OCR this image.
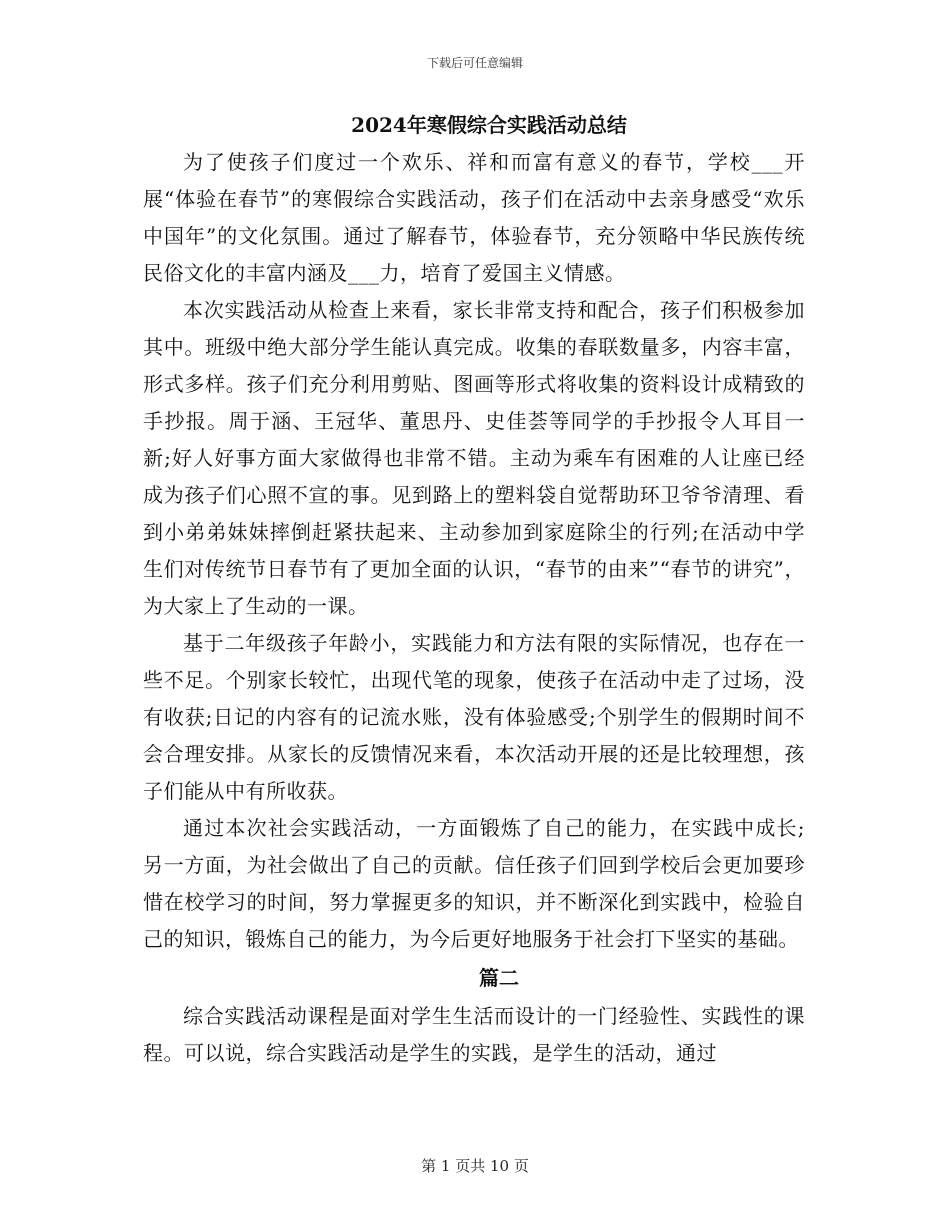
下载后可任意编辑
2024年寒假综合实践活动总结

为了使孩子们度过一个欢乐、祥和而富有意义的春节，学校___开展“体验在春节”的寒假综合实践活动，孩子们在活动中去亲身感受“欢乐中国年”的文化氛围。通过了解春节，体验春节，充分领略中华民族传统民俗文化的丰富内涵及___力，培育了爱国主义情感。

本次实践活动从检查上来看，家长非常支持和配合，孩子们积极参加其中。班级中绝大部分学生能认真完成。收集的春联数量多，内容丰富，形式多样。孩子们充分利用剪贴、图画等形式将收集的资料设计成精致的手抄报。周于涵、王冠华、董思丹、史佳荟等同学的手抄报令人耳目一新;好人好事方面大家做得也非常不错。主动为乘车有困难的人让座已经成为孩子们心照不宣的事。见到路上的塑料袋自觉帮助环卫爷爷清理、看到小弟弟妹妹摔倒赶紧扶起来、主动参加到家庭除尘的行列;在活动中学生们对传统节日春节有了更加全面的认识，“春节的由来”“春节的讲究”，为大家上了生动的一课。

基于二年级孩子年龄小，实践能力和方法有限的实际情况，也存在一些不足。个别家长较忙，出现代笔的现象，使孩子在活动中走了过场，没有收获;日记的内容有的记流水账，没有体验感受;个别学生的假期时间不会合理安排。从家长的反馈情况来看，本次活动开展的还是比较理想，孩子们能从中有所收获。

通过本次社会实践活动，一方面锻炼了自己的能力，在实践中成长;另一方面，为社会做出了自己的贡献。信任孩子们回到学校后会更加要珍惜在校学习的时间，努力掌握更多的知识，并不断深化到实践中，检验自己的知识，锻炼自己的能力，为今后更好地服务于社会打下坚实的基础。

篇二

综合实践活动课程是面对学生生活而设计的一门经验性、实践性的课程。可以说，综合实践活动是学生的实践，是学生的活动，通过

第 1 页共 10 页
